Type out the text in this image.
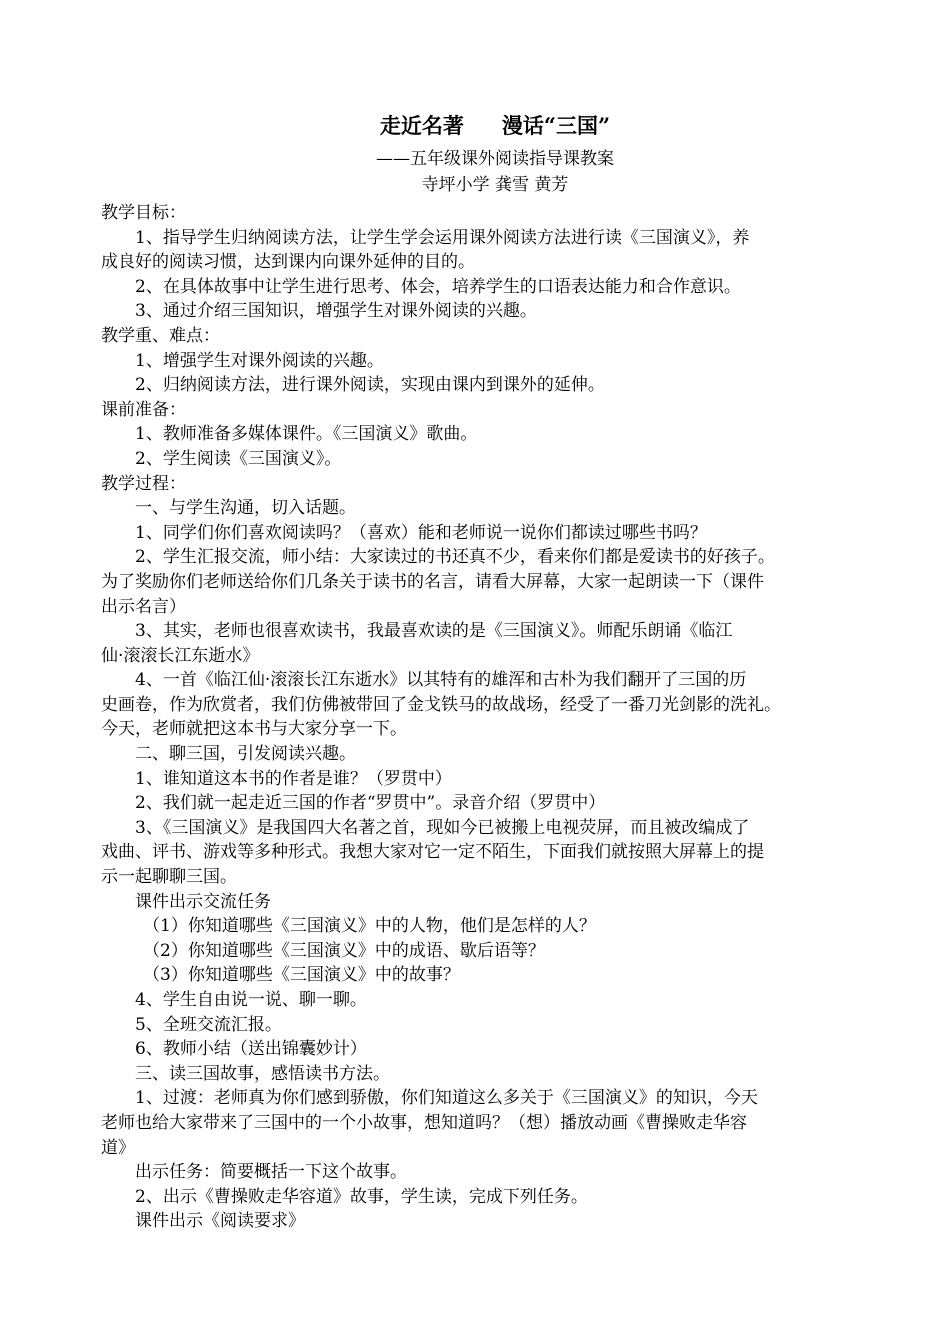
走近名著 漫话“三国”
——五年级课外阅读指导课教案
寺坪小学 龚雪 黄芳
教学目标：
1、指导学生归纳阅读方法，让学生学会运用课外阅读方法进行读《三国演义》，养
成良好的阅读习惯，达到课内向课外延伸的目的。
2、在具体故事中让学生进行思考、体会，培养学生的口语表达能力和合作意识。
3、通过介绍三国知识，增强学生对课外阅读的兴趣。
教学重、难点：
1、增强学生对课外阅读的兴趣。
2、归纳阅读方法，进行课外阅读，实现由课内到课外的延伸。
课前准备：
1、教师准备多媒体课件。《三国演义》歌曲。
2、学生阅读《三国演义》。
教学过程：
一、与学生沟通，切入话题。
1、同学们你们喜欢阅读吗？（喜欢）能和老师说一说你们都读过哪些书吗？
2、学生汇报交流，师小结：大家读过的书还真不少，看来你们都是爱读书的好孩子。
为了奖励你们老师送给你们几条关于读书的名言，请看大屏幕，大家一起朗读一下（课件
出示名言）
3、其实，老师也很喜欢读书，我最喜欢读的是《三国演义》。师配乐朗诵《临江
仙·滚滚长江东逝水》
4、一首《临江仙·滚滚长江东逝水》以其特有的雄浑和古朴为我们翻开了三国的历
史画卷，作为欣赏者，我们仿佛被带回了金戈铁马的故战场，经受了一番刀光剑影的洗礼。
今天，老师就把这本书与大家分享一下。
二、聊三国，引发阅读兴趣。
1、谁知道这本书的作者是谁？（罗贯中）
2、我们就一起走近三国的作者“罗贯中”。录音介绍（罗贯中）
3、《三国演义》是我国四大名著之首，现如今已被搬上电视荧屏，而且被改编成了
戏曲、评书、游戏等多种形式。我想大家对它一定不陌生，下面我们就按照大屏幕上的提
示一起聊聊三国。
课件出示交流任务
（1）你知道哪些《三国演义》中的人物，他们是怎样的人？
（2）你知道哪些《三国演义》中的成语、歇后语等？
（3）你知道哪些《三国演义》中的故事？
4、学生自由说一说、聊一聊。
5、全班交流汇报。
6、教师小结（送出锦囊妙计）
三、读三国故事，感悟读书方法。
1、过渡：老师真为你们感到骄傲，你们知道这么多关于《三国演义》的知识，今天
老师也给大家带来了三国中的一个小故事，想知道吗？（想）播放动画《曹操败走华容
道》
出示任务：简要概括一下这个故事。
2、出示《曹操败走华容道》故事，学生读，完成下列任务。
课件出示《阅读要求》
